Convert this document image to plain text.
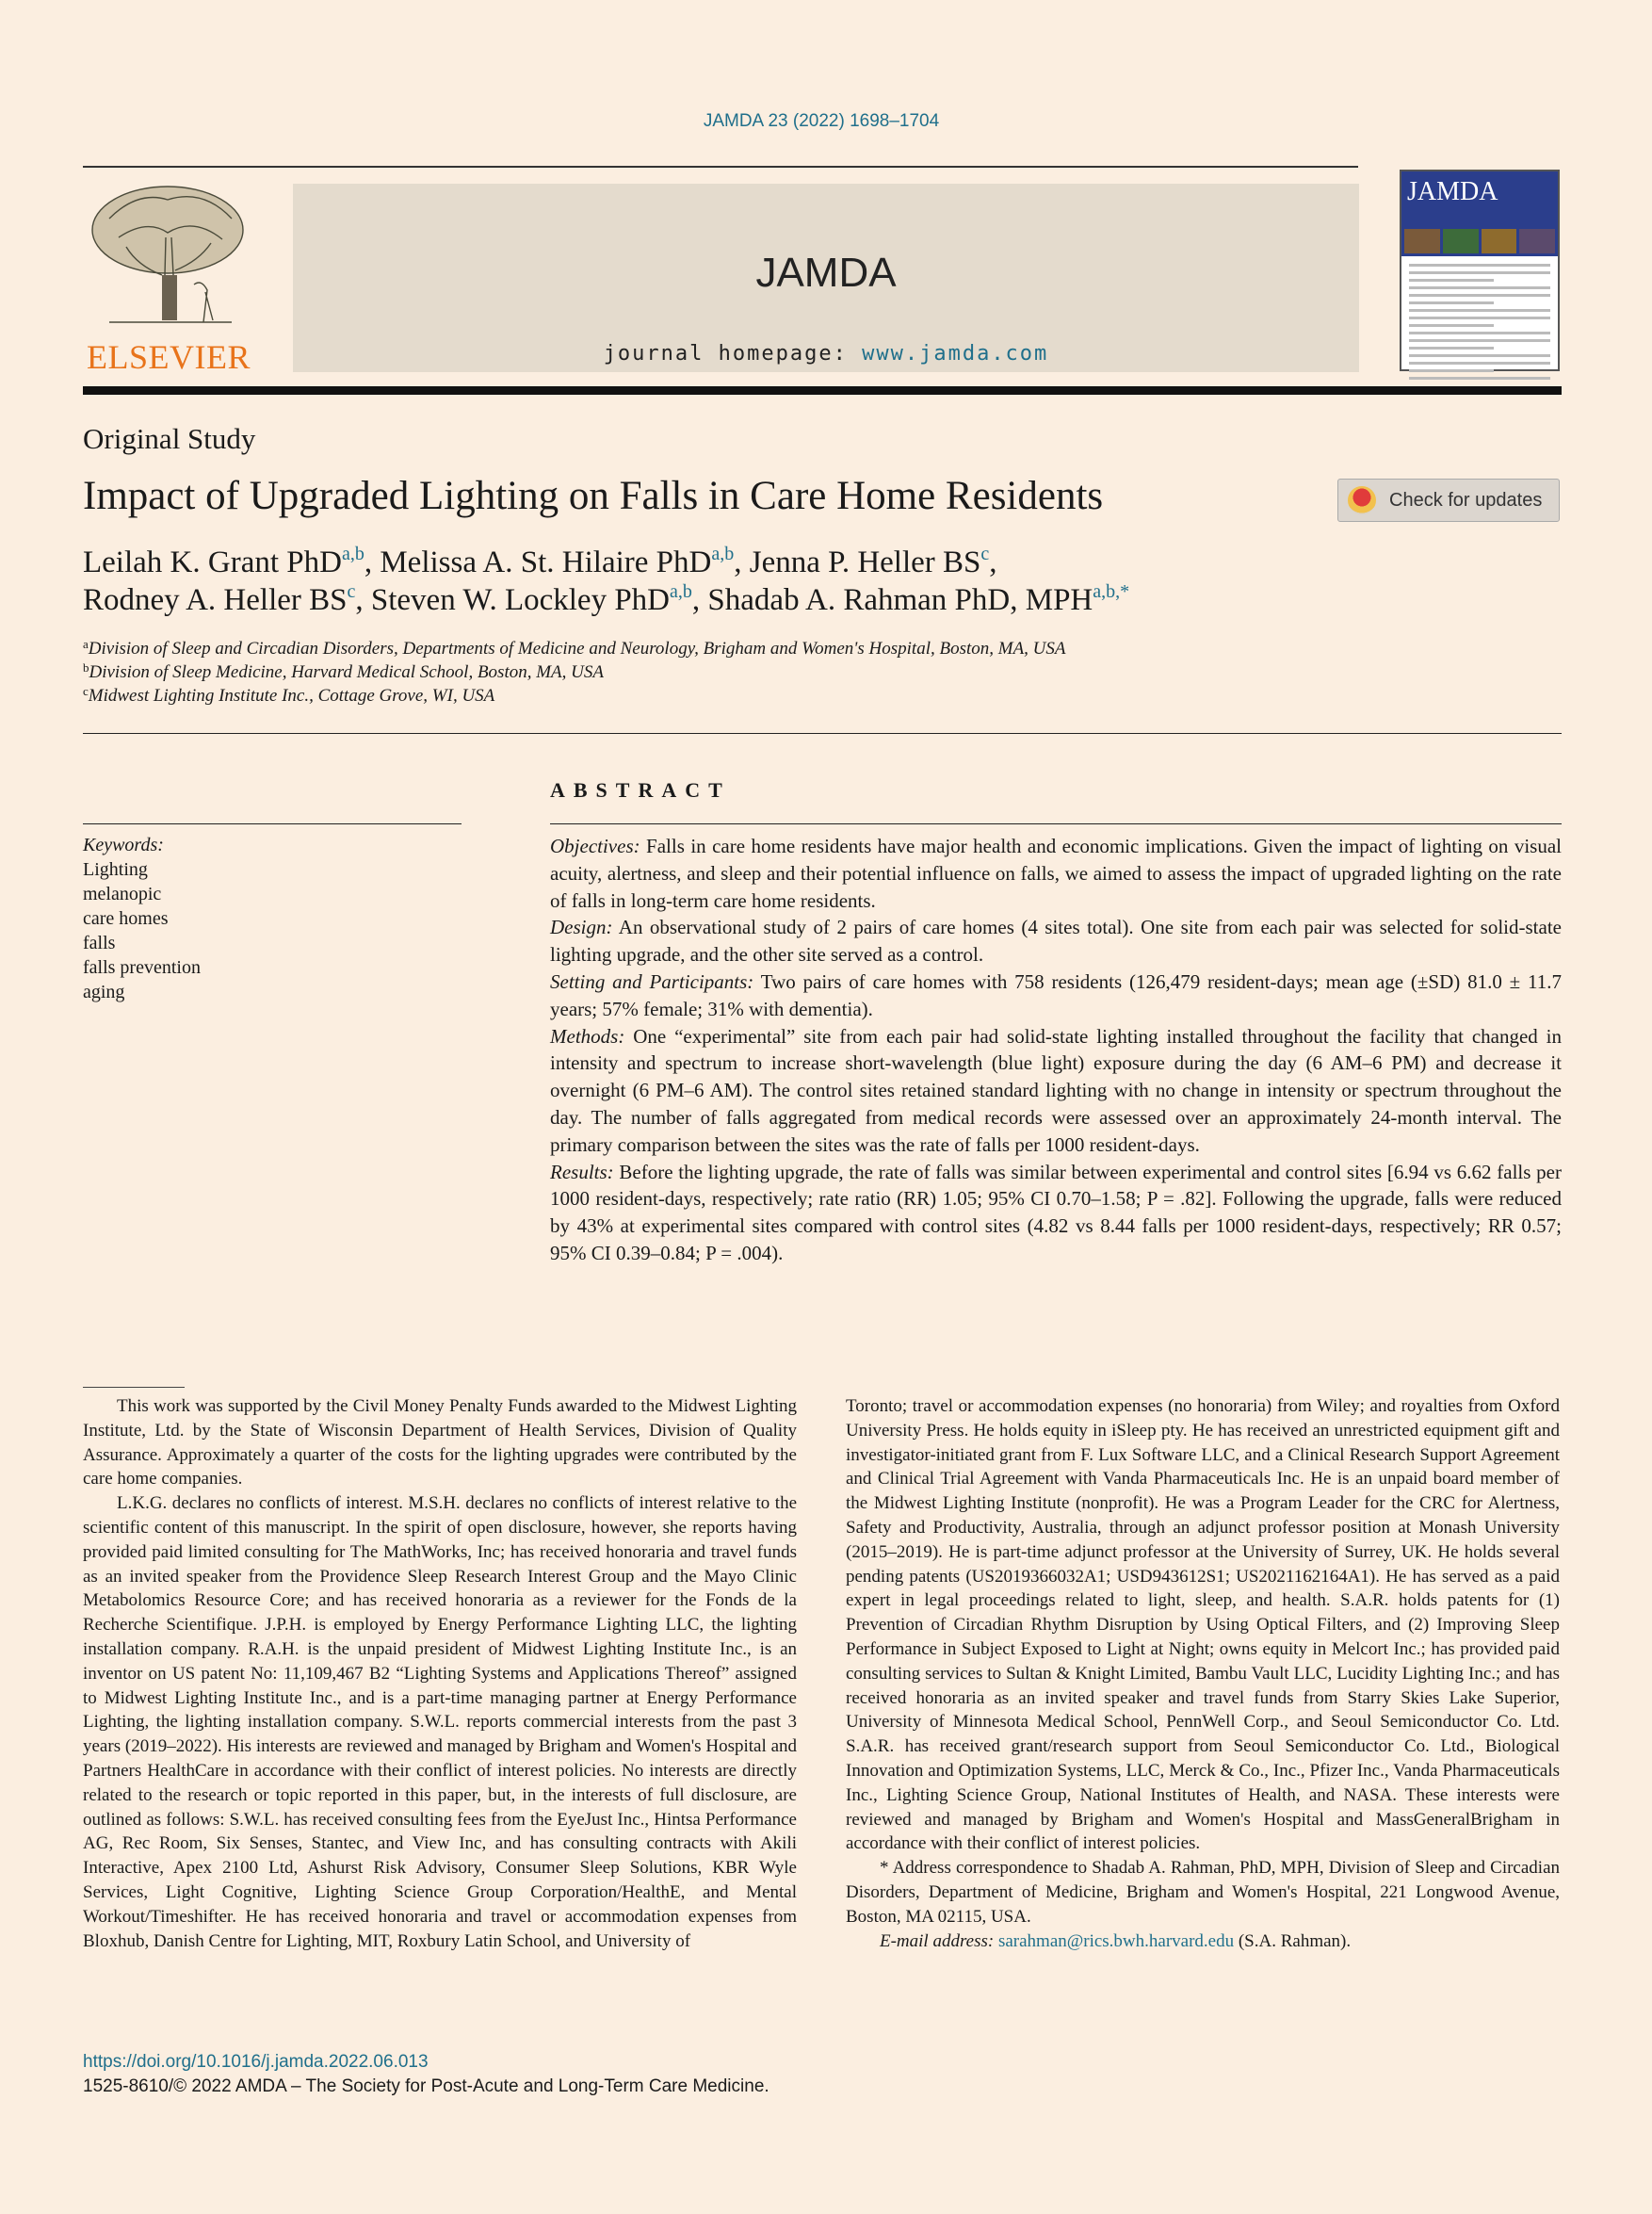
JAMDA 23 (2022) 1698–1704
ELSEVIER
JAMDA
journal homepage: www.jamda.com
JAMDA
Original Study
Impact of Upgraded Lighting on Falls in Care Home Residents	Check for updates
Leilah K. Grant PhD$^{a,b}$, Melissa A. St. Hilaire PhD$^{a,b}$, Jenna P. Heller $BS^c$,
Rodney A. Heller $BS^c$, Steven W. Lockley PhD$^{a,b}$, Shadab A. Rahman PhD, $MPH^{a,b,*}$
$^a$Division of Sleep and Circadian Disorders, Departments of Medicine and Neurology, Brigham and Women's Hospital, Boston, MA, USA
$^b$Division of Sleep Medicine, Harvard Medical School, Boston, MA, USA
$^c$Midwest Lighting Institute Inc., Cottage Grove, WI, USA
ABSTRACT
Keywords:
Lighting
melanopic
care homes
falls
falls prevention
aging

Objectives: Falls in care home residents have major health and economic implications. Given the impact of lighting on visual acuity, alertness, and sleep and their potential influence on falls, we aimed to assess the impact of upgraded lighting on the rate of falls in long-term care home residents.

Design: An observational study of 2 pairs of care homes (4 sites total). One site from each pair was selected for solid-state lighting upgrade, and the other site served as a control.

Setting and Participants: Two pairs of care homes with 758 residents (126,479 resident-days; mean age (±SD) 81.0 ± 11.7 years; 57% female; 31% with dementia).

Methods: One “experimental” site from each pair had solid-state lighting installed throughout the facility that changed in intensity and spectrum to increase short-wavelength (blue light) exposure during the day (6 AM–6 PM) and decrease it overnight (6 PM–6 AM). The control sites retained standard lighting with no change in intensity or spectrum throughout the day. The number of falls aggregated from medical records were assessed over an approximately 24-month interval. The primary comparison between the sites was the rate of falls per 1000 resident-days.

Results: Before the lighting upgrade, the rate of falls was similar between experimental and control sites [6.94 vs 6.62 falls per 1000 resident-days, respectively; rate ratio (RR) 1.05; 95% CI 0.70–1.58; P = .82]. Following the upgrade, falls were reduced by 43% at experimental sites compared with control sites (4.82 vs 8.44 falls per 1000 resident-days, respectively; RR 0.57; 95% CI 0.39–0.84; P = .004).

This work was supported by the Civil Money Penalty Funds awarded to the Midwest Lighting Institute, Ltd. by the State of Wisconsin Department of Health Services, Division of Quality Assurance. Approximately a quarter of the costs for the lighting upgrades were contributed by the care home companies.

L.K.G. declares no conflicts of interest. M.S.H. declares no conflicts of interest relative to the scientific content of this manuscript. In the spirit of open disclosure, however, she reports having provided paid limited consulting for The MathWorks, Inc; has received honoraria and travel funds as an invited speaker from the Providence Sleep Research Interest Group and the Mayo Clinic Metabolomics Resource Core; and has received honoraria as a reviewer for the Fonds de la Recherche Scientifique. J.P.H. is employed by Energy Performance Lighting LLC, the lighting installation company. R.A.H. is the unpaid president of Midwest Lighting Institute Inc., is an inventor on US patent No: 11,109,467 B2 “Lighting Systems and Applications Thereof” assigned to Midwest Lighting Institute Inc., and is a part-time managing partner at Energy Performance Lighting, the lighting installation company. S.W.L. reports commercial interests from the past 3 years (2019–2022). His interests are reviewed and managed by Brigham and Women's Hospital and Partners HealthCare in accordance with their conflict of interest policies. No interests are directly related to the research or topic reported in this paper, but, in the interests of full disclosure, are outlined as follows: S.W.L. has received consulting fees from the EyeJust Inc., Hintsa Performance AG, Rec Room, Six Senses, Stantec, and View Inc, and has consulting contracts with Akili Interactive, Apex 2100 Ltd, Ashurst Risk Advisory, Consumer Sleep Solutions, KBR Wyle Services, Light Cognitive, Lighting Science Group Corporation/HealthE, and Mental Workout/Timeshifter. He has received honoraria and travel or accommodation expenses from Bloxhub, Danish Centre for Lighting, MIT, Roxbury Latin School, and University of

Toronto; travel or accommodation expenses (no honoraria) from Wiley; and royalties from Oxford University Press. He holds equity in iSleep pty. He has received an unrestricted equipment gift and investigator-initiated grant from F. Lux Software LLC, and a Clinical Research Support Agreement and Clinical Trial Agreement with Vanda Pharmaceuticals Inc. He is an unpaid board member of the Midwest Lighting Institute (nonprofit). He was a Program Leader for the CRC for Alertness, Safety and Productivity, Australia, through an adjunct professor position at Monash University (2015–2019). He is part-time adjunct professor at the University of Surrey, UK. He holds several pending patents (US2019366032A1; USD943612S1; US2021162164A1). He has served as a paid expert in legal proceedings related to light, sleep, and health. S.A.R. holds patents for (1) Prevention of Circadian Rhythm Disruption by Using Optical Filters, and (2) Improving Sleep Performance in Subject Exposed to Light at Night; owns equity in Melcort Inc.; has provided paid consulting services to Sultan & Knight Limited, Bambu Vault LLC, Lucidity Lighting Inc.; and has received honoraria as an invited speaker and travel funds from Starry Skies Lake Superior, University of Minnesota Medical School, PennWell Corp., and Seoul Semiconductor Co. Ltd. S.A.R. has received grant/research support from Seoul Semiconductor Co. Ltd., Biological Innovation and Optimization Systems, LLC, Merck & Co., Inc., Pfizer Inc., Vanda Pharmaceuticals Inc., Lighting Science Group, National Institutes of Health, and NASA. These interests were reviewed and managed by Brigham and Women's Hospital and MassGeneralBrigham in accordance with their conflict of interest policies.

* Address correspondence to Shadab A. Rahman, PhD, MPH, Division of Sleep and Circadian Disorders, Department of Medicine, Brigham and Women's Hospital, 221 Longwood Avenue, Boston, MA 02115, USA.

E-mail address: sarahman@rics.bwh.harvard.edu (S.A. Rahman).

https://doi.org/10.1016/j.jamda.2022.06.013
1525-8610/© 2022 AMDA – The Society for Post-Acute and Long-Term Care Medicine.
